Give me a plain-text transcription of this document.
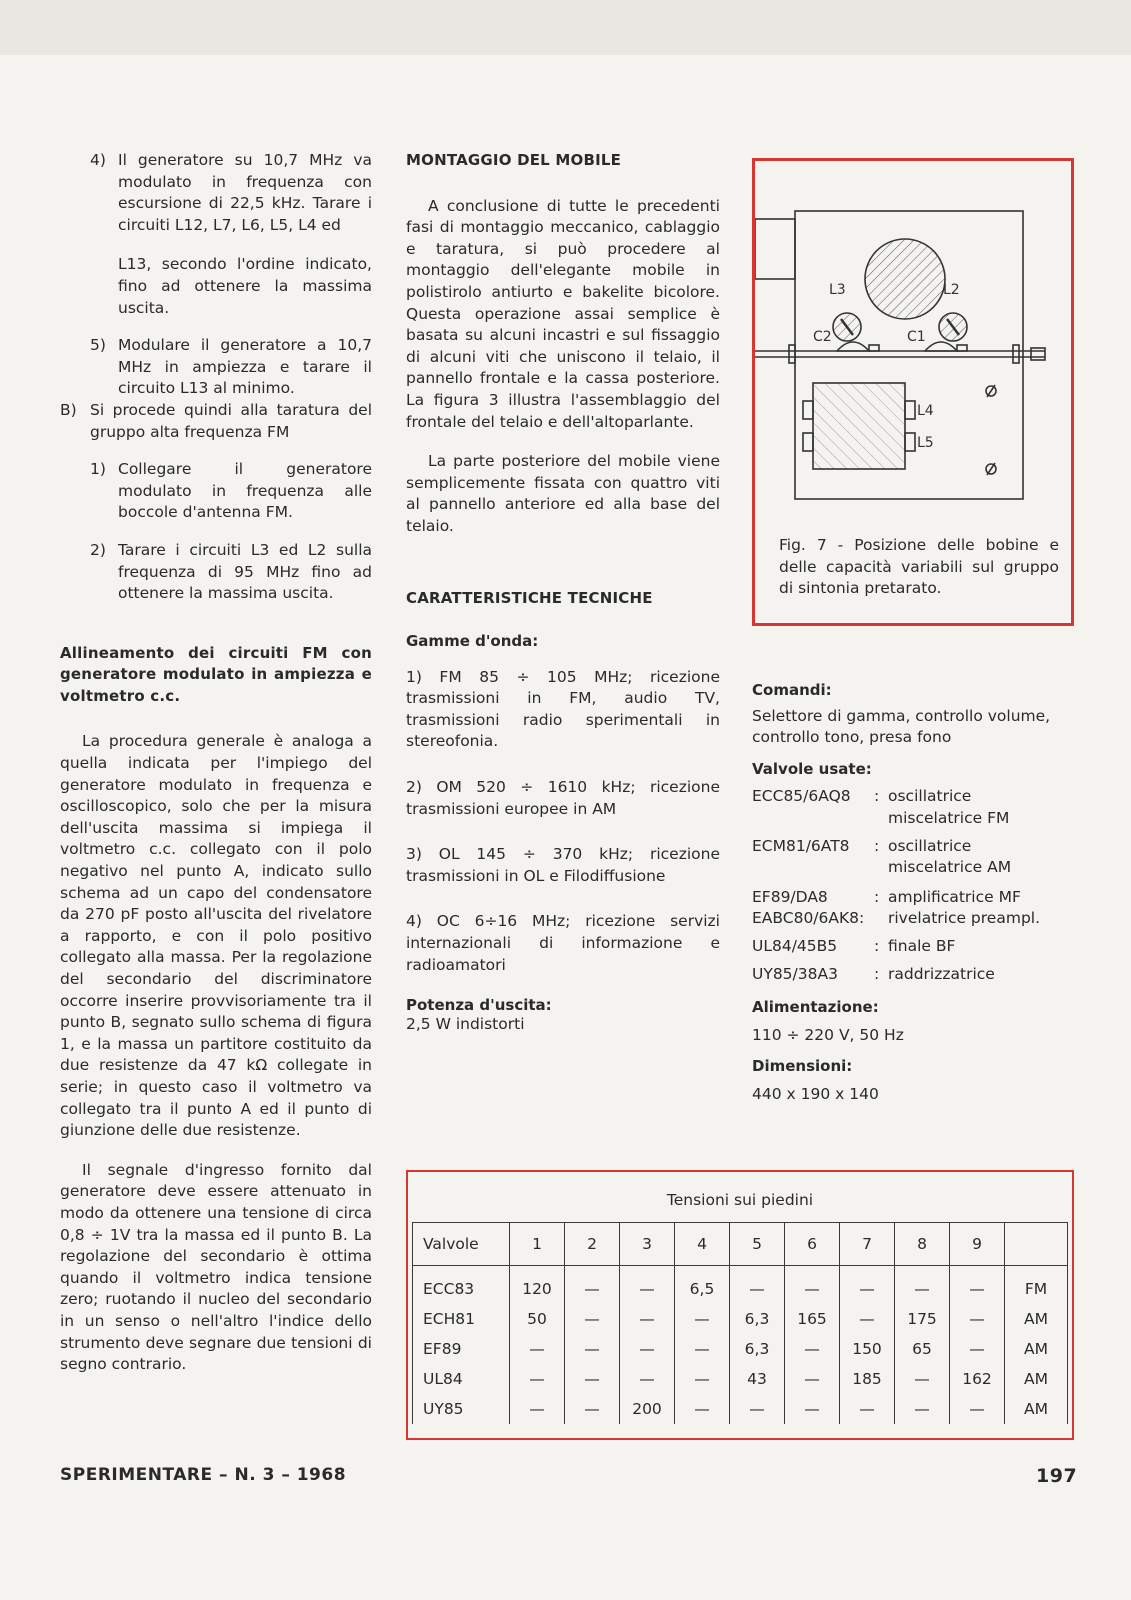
4) Il generatore su 10,7 MHz va modulato in frequenza con escursione di 22,5 kHz. Tarare i circuiti L12, L7, L6, L5, L4 ed

L13, secondo l'ordine indicato, fino ad ottenere la massima uscita.

5) Modulare il generatore a 10,7 MHz in ampiezza e tarare il circuito L13 al minimo.

B) Si procede quindi alla taratura del gruppo alta frequenza FM

1) Collegare il generatore modulato in frequenza alle boccole d'antenna FM.

2) Tarare i circuiti L3 ed L2 sulla frequenza di 95 MHz fino ad ottenere la massima uscita.

Allineamento dei circuiti FM con generatore modulato in ampiezza e voltmetro c.c.

La procedura generale è analoga a quella indicata per l'impiego del generatore modulato in frequenza e oscilloscopico, solo che per la misura dell'uscita massima si impiega il voltmetro c.c. collegato con il polo negativo nel punto A, indicato sullo schema ad un capo del condensatore da 270 pF posto all'uscita del rivelatore a rapporto, e con il polo positivo collegato alla massa. Per la regolazione del secondario del discriminatore occorre inserire provvisoriamente tra il punto B, segnato sullo schema di figura 1, e la massa un partitore costituito da due resistenze da 47 kΩ collegate in serie; in questo caso il voltmetro va collegato tra il punto A ed il punto di giunzione delle due resistenze.

Il segnale d'ingresso fornito dal generatore deve essere attenuato in modo da ottenere una tensione di circa 0,8 ÷ 1V tra la massa ed il punto B. La regolazione del secondario è ottima quando il voltmetro indica tensione zero; ruotando il nucleo del secondario in un senso o nell'altro l'indice dello strumento deve segnare due tensioni di segno contrario.

MONTAGGIO DEL MOBILE

A conclusione di tutte le precedenti fasi di montaggio meccanico, cablaggio e taratura, si può procedere al montaggio dell'elegante mobile in polistirolo antiurto e bakelite bicolore. Questa operazione assai semplice è basata su alcuni incastri e sul fissaggio di alcuni viti che uniscono il telaio, il pannello frontale e la cassa posteriore. La figura 3 illustra l'assemblaggio del frontale del telaio e dell'altoparlante.

La parte posteriore del mobile viene semplicemente fissata con quattro viti al pannello anteriore ed alla base del telaio.

CARATTERISTICHE TECNICHE

Gamme d'onda:

1) FM 85 ÷ 105 MHz; ricezione trasmissioni in FM, audio TV, trasmissioni radio sperimentali in stereofonia.

2) OM 520 ÷ 1610 kHz; ricezione trasmissioni europee in AM

3) OL 145 ÷ 370 kHz; ricezione trasmissioni in OL e Filodiffusione

4) OC 6÷16 MHz; ricezione servizi internazionali di informazione e radioamatori

Potenza d'uscita:

2,5 W indistorti

L3	L2
C2	C1
L4
L5

Fig. 7 - Posizione delle bobine e delle capacità variabili sul gruppo di sintonia pretarato.

Comandi:

Selettore di gamma, controllo volume, controllo tono, presa fono

Valvole usate:

ECC85/6AQ8	: oscillatrice
miscelatrice FM
ECM81/6AT8	: oscillatrice
miscelatrice AM
EF89/DA8	: amplificatrice MF
EABC80/6AK8:	rivelatrice preampl.
UL84/45B5	: finale BF
UY85/38A3	: raddrizzatrice

Alimentazione:

110 ÷ 220 V, 50 Hz

Dimensioni:

440 x 190 x 140

Tensioni sui piedini										
Valvole	1	2	3	4	5	6	7	8	9	
ECC83	120	—	—	6,5	—	—	—	—	—	FM
ECH81	50	—	—	—	6,3	165	—	175	—	AM
EF89	—	—	—	—	6,3	—	150	65	—	AM
UL84	—	—	—	—	43	—	185	—	162	AM
UY85	—	—	200	—	—	—	—	—	—	AM
SPERIMENTARE – N. 3 – 1968	197
